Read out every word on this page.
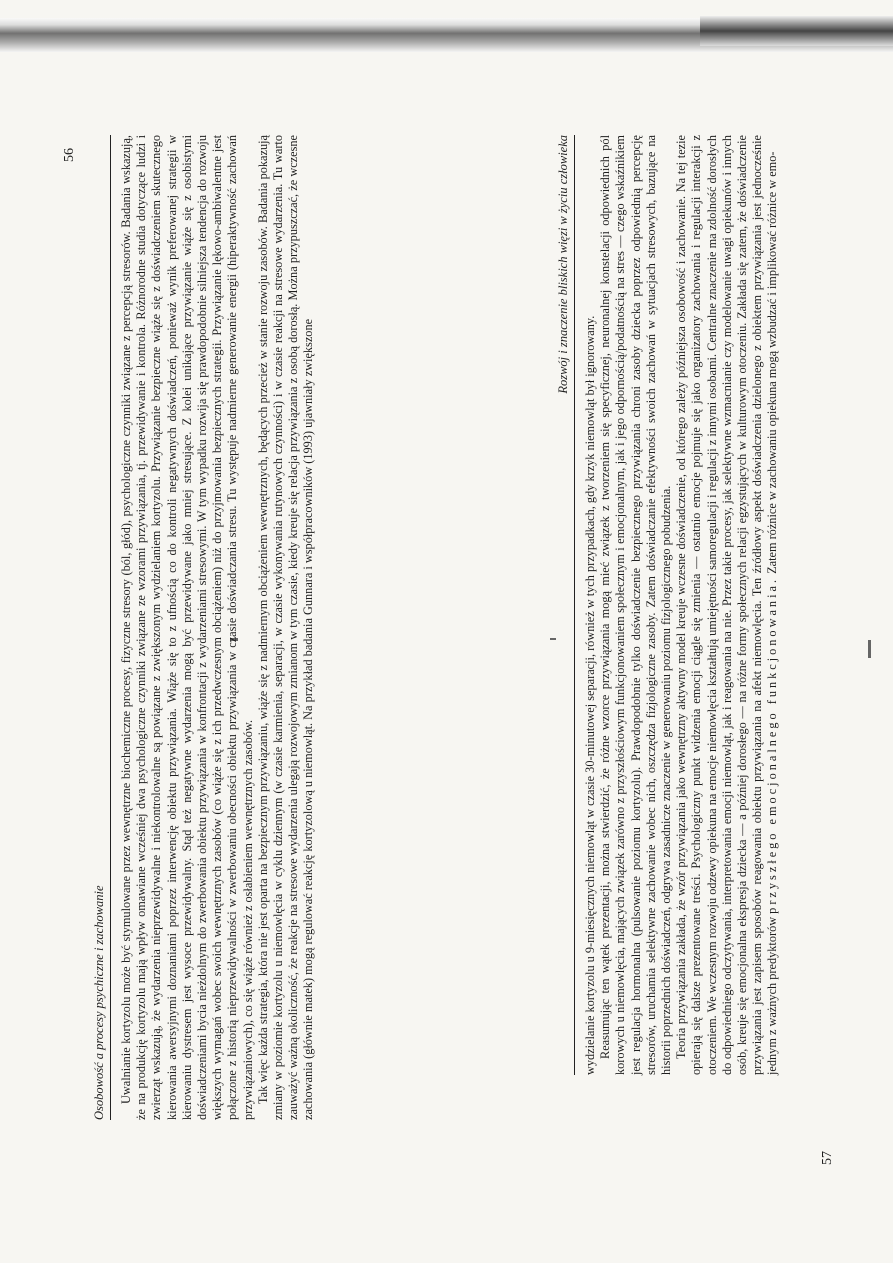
Osobowość a procesy psychiczne i zachowanie	Uwalnianie kortyzolu może być stymulowane przez wewnętrzne biochemiczne procesy, fizyczne stresory (ból, głód), psychologiczne czynniki związane z percepcją stresorów. Badania wskazują, że na produkcję kortyzolu mają wpływ omawiane wcześniej dwa psychologiczne czynniki związane ze wzorami przywiązania, tj. przewidywanie i kontrola. Różnorodne studia dotyczące ludzi i zwierząt wskazują, że wydarzenia nieprzewidywalne i niekontrolowalne są powiązane z zwiększonym wydzielaniem kortyzolu. Przywiązanie bezpieczne wiąże się z doświadczeniem skutecznego kierowania awersyjnymi doznaniami poprzez interwencję obiektu przywiązania. Wiąże się to z ufnością co do kontroli negatywnych doświadczeń, ponieważ wynik preferowanej strategii w kierowaniu dystresem jest wysoce przewidywalny. Stąd też negatywne wydarzenia mogą być przewidywane jako mniej stresujące. Z kolei unikające przywiązanie wiąże się z osobistymi doświadczeniami bycia nieżdolnym do zwerbowania obiektu przywiązania w konfrontacji z wydarzeniami stresowymi. W tym wypadku rozwija się prawdopodobnie silniejsza tendencja do rozwoju większych wymagań wobec swoich wewnętrznych zasobów (co wiąże się z ich przedwczesnym obciążeniem) niż do przyjmowania bezpiecznych strategii. Przywiązanie lękowo-ambiwalentne jest połączone z historią nieprzewidywalności w zwerbowaniu obecności obiektu przywiązania w czasie doświadczania stresu. Tu występuje nadmierne generowanie energii (hiperaktywność zachowań przywiązaniowych), co się wiąże również z osłabieniem wewnętrznych zasobów. Tak więc każda strategia, która nie jest oparta na bezpiecznym przywiązaniu, wiąże się z nadmiernym obciążeniem wewnętrznych, będących przecież w stanie rozwoju zasobów. Badania pokazują zmiany w poziomie kortyzolu u niemowlęcia w cyklu dziennym (w czasie karmienia, separacji, w czasie wykonywania rutynowych czynności) i w czasie reakcji na stresowe wydarzenia. Tu warto zauważyć ważną okoliczność, że reakcje na stresowe wydarzenia ulegają rozwojowym zmianom w tym czasie, kiedy kreuje się relacja przywiązania z osobą dorosłą. Można przypuszczać, że wczesne zachowania (głównie matek) mogą regulować reakcję kortyzolową u niemowląt. Na przykład badania Gunnara i współpracowników (1993) ujawniały zwiększone

56	Rozwój i znaczenie bliskich więzi w życiu człowieka

wydzielanie kortyzolu u 9-miesięcznych niemowląt w czasie 30-minutowej separacji, również w tych przypadkach, gdy krzyk niemowląt był ignorowany. Reasumując ten wątek prezentacji, można stwierdzić, że różne wzorce przywiązania mogą mieć związek z tworzeniem się specyficznej, neuronalnej konstelacji odpowiednich pól korowych u niemowlęcia, mających związek zarówno z przyszłościowym funkcjonowaniem społecznym i emocjonalnym, jak i jego odpornością/podatnością na stres — czego wskaźnikiem jest regulacja hormonalna (pulsowanie poziomu kortyzolu). Prawdopodobnie tylko doświadczenie bezpiecznego przywiązania chroni zasoby dziecka poprzez odpowiednią percepcję stresorów, uruchamia selektywne zachowanie wobec nich, oszczędza fizjologiczne zasoby. Zatem doświadczanie efektywności swoich zachowań w sytuacjach stresowych, bazujące na historii poprzednich doświadczeń, odgrywa zasadnicze znaczenie w generowaniu poziomu fizjologicznego pobudzenia. Teoria przywiązania zakłada, że wzór przywiązania jako wewnętrzny aktywny model kreuje wczesne doświadczenie, od którego zależy późniejsza osobowość i zachowanie. Na tej tezie opierają się dalsze prezentowane treści. Psychologiczny punkt widzenia emocji ciągle się zmienia — ostatnio emocje pojmuje się jako organizatory zachowania i regulacji interakcji z otoczeniem. We wczesnym rozwoju odzewy opiekuna na emocje niemowlęcia kształtują umiejętności samoregulacji i regulacji z innymi osobami. Centralne znaczenie ma zdolność dorosłych do odpowiedniego odczytywania, interpretowania emocji niemowląt, jak i reagowania na nie. Przez takie procesy, jak selektywne wzmacnianie czy modelowanie uwagi opiekunów i innych osób, kreuje się emocjonalna ekspresja dziecka — a później dorosłego — na różne formy społecznych relacji egzystujących w kulturowym otoczeniu. Zakłada się zatem, że doświadczenie przywiązania jest zapisem sposobów reagowania obiektu przywiązania na afekt niemowlęcia. Ten źródłowy aspekt doświadczenia dzielonego z obiektem przywiązania jest jednocześnie jednym z ważnych predyktorów przyszłego emocjonalnego funkcjonowania. Zatem różnice w zachowaniu opiekuna mogą wzbudzać i implikować różnice w emo-

57
